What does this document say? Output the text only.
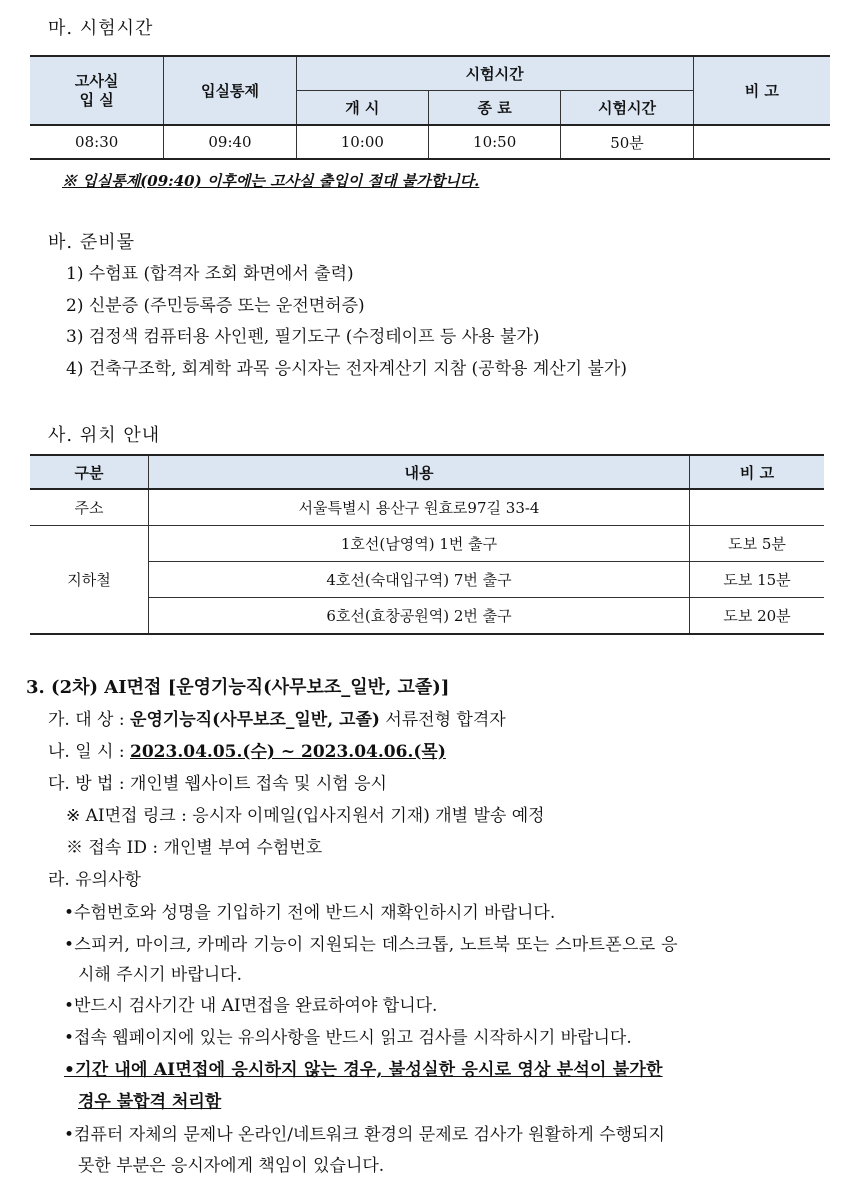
마. 시험시간
고사실
입 실	입실통제	시험시간			비 고
		개 시	종 료	시험시간	
08:30	09:40	10:00	10:50	50분	
※ 입실통제(09:40) 이후에는 고사실 출입이 절대 불가합니다.
바. 준비물
1) 수험표 (합격자 조회 화면에서 출력)
2) 신분증 (주민등록증 또는 운전면허증)
3) 검정색 컴퓨터용 사인펜, 필기도구 (수정테이프 등 사용 불가)
4) 건축구조학, 회계학 과목 응시자는 전자계산기 지참 (공학용 계산기 불가)
사. 위치 안내
구분	내용	비 고
주소	서울특별시 용산구 원효로97길 33-4	
지하철	1호선(남영역) 1번 출구	도보 5분
	4호선(숙대입구역) 7번 출구	도보 15분
	6호선(효창공원역) 2번 출구	도보 20분
3. (2차) AI면접 [운영기능직(사무보조_일반, 고졸)]
가. 대 상 : 운영기능직(사무보조_일반, 고졸) 서류전형 합격자
나. 일 시 : 2023.04.05.(수) ~ 2023.04.06.(목)
다. 방 법 : 개인별 웹사이트 접속 및 시험 응시
※ AI면접 링크 : 응시자 이메일(입사지원서 기재) 개별 발송 예정
※ 접속 ID : 개인별 부여 수험번호
라. 유의사항
•수험번호와 성명을 기입하기 전에 반드시 재확인하시기 바랍니다.
•스피커, 마이크, 카메라 기능이 지원되는 데스크톱, 노트북 또는 스마트폰으로 응
시해 주시기 바랍니다.
•반드시 검사기간 내 AI면접을 완료하여야 합니다.
•접속 웹페이지에 있는 유의사항을 반드시 읽고 검사를 시작하시기 바랍니다.
•기간 내에 AI면접에 응시하지 않는 경우, 불성실한 응시로 영상 분석이 불가한
경우 불합격 처리함
•컴퓨터 자체의 문제나 온라인/네트워크 환경의 문제로 검사가 원활하게 수행되지
못한 부분은 응시자에게 책임이 있습니다.
